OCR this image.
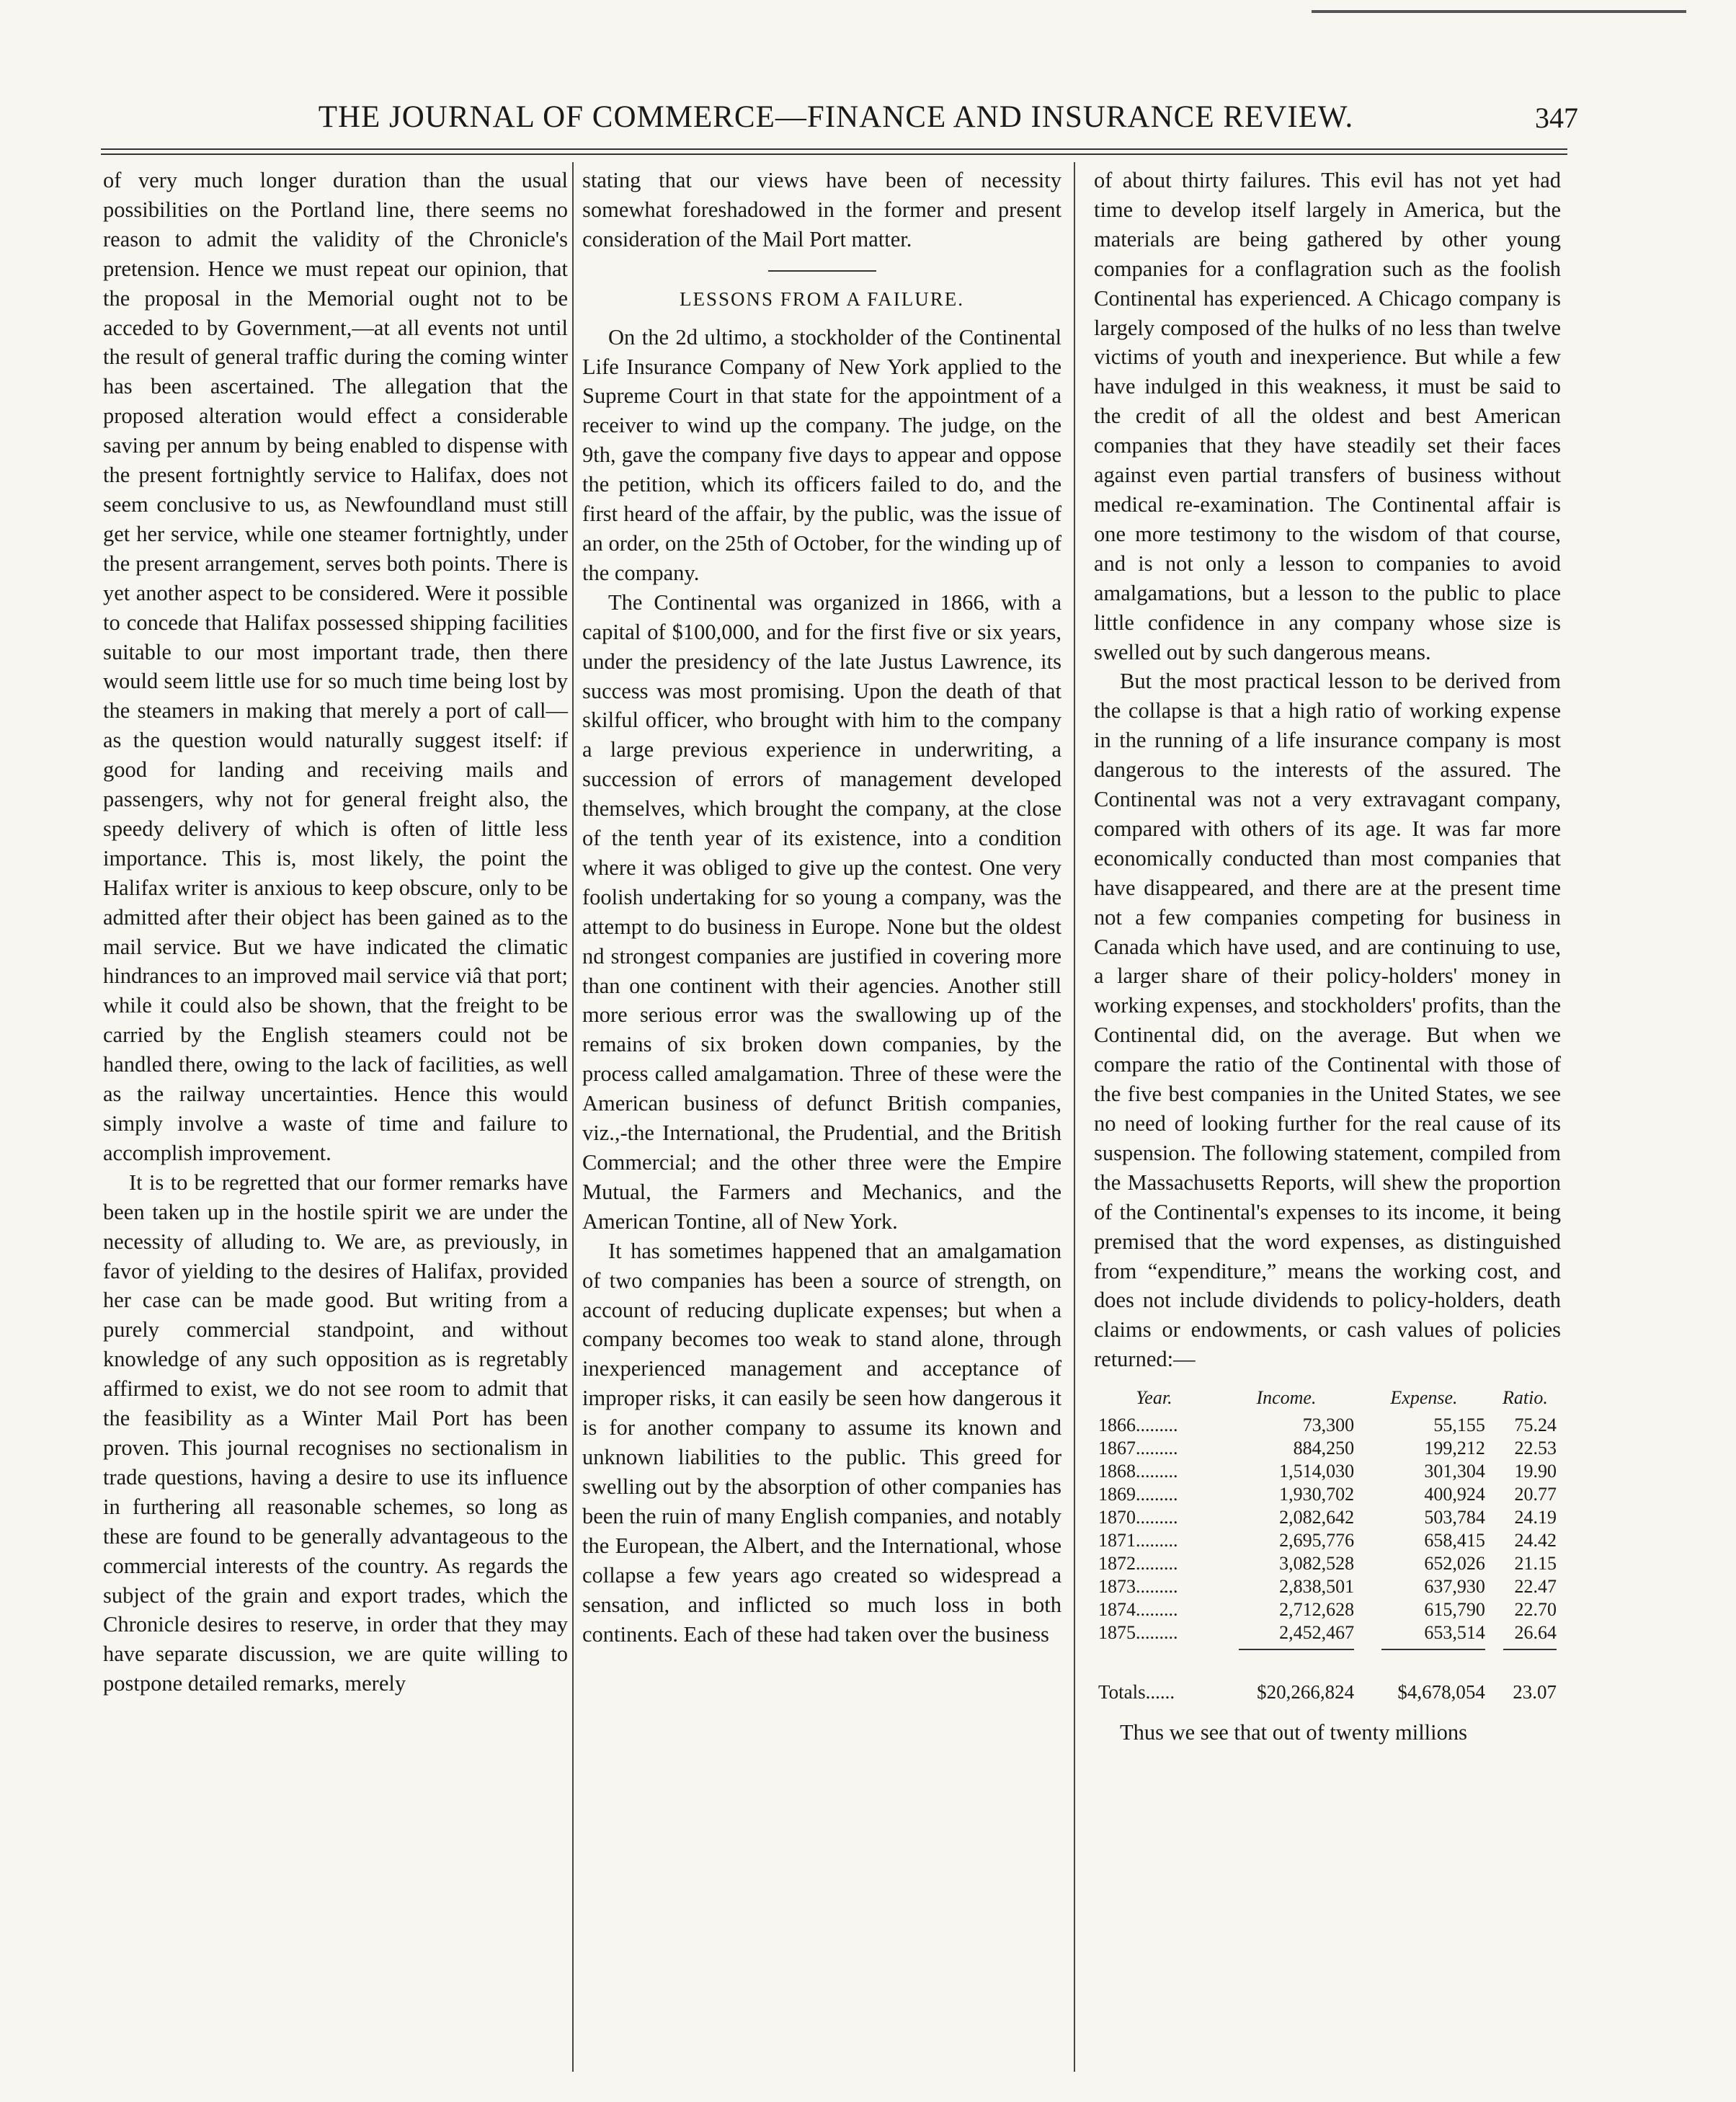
THE JOURNAL OF COMMERCE—FINANCE AND INSURANCE REVIEW.	347

of very much longer duration than the usual possibilities on the Portland line, there seems no reason to admit the validity of the Chronicle's pretension. Hence we must repeat our opinion, that the proposal in the Memorial ought not to be acceded to by Government,—at all events not until the result of general traffic during the coming winter has been ascertained. The allegation that the proposed alteration would effect a considerable saving per annum by being enabled to dispense with the present fortnightly service to Halifax, does not seem conclusive to us, as Newfoundland must still get her service, while one steamer fortnightly, under the present arrangement, serves both points. There is yet another aspect to be considered. Were it possible to concede that Halifax possessed shipping facilities suitable to our most important trade, then there would seem little use for so much time being lost by the steamers in making that merely a port of call—as the question would naturally suggest itself: if good for landing and receiving mails and passengers, why not for general freight also, the speedy delivery of which is often of little less importance. This is, most likely, the point the Halifax writer is anxious to keep obscure, only to be admitted after their object has been gained as to the mail service. But we have indicated the climatic hindrances to an improved mail service viâ that port; while it could also be shown, that the freight to be carried by the English steamers could not be handled there, owing to the lack of facilities, as well as the railway uncertainties. Hence this would simply involve a waste of time and failure to accomplish improvement.

It is to be regretted that our former remarks have been taken up in the hostile spirit we are under the necessity of alluding to. We are, as previously, in favor of yielding to the desires of Halifax, provided her case can be made good. But writing from a purely commercial standpoint, and without knowledge of any such opposition as is regretably affirmed to exist, we do not see room to admit that the feasibility as a Winter Mail Port has been proven. This journal recognises no sectionalism in trade questions, having a desire to use its influence in furthering all reasonable schemes, so long as these are found to be generally advantageous to the commercial interests of the country. As regards the subject of the grain and export trades, which the Chronicle desires to reserve, in order that they may have separate discussion, we are quite willing to postpone detailed remarks, merely

stating that our views have been of necessity somewhat foreshadowed in the former and present consideration of the Mail Port matter.

LESSONS FROM A FAILURE.

On the 2d ultimo, a stockholder of the Continental Life Insurance Company of New York applied to the Supreme Court in that state for the appointment of a receiver to wind up the company. The judge, on the 9th, gave the company five days to appear and oppose the petition, which its officers failed to do, and the first heard of the affair, by the public, was the issue of an order, on the 25th of October, for the winding up of the company.

The Continental was organized in 1866, with a capital of $100,000, and for the first five or six years, under the presidency of the late Justus Lawrence, its success was most promising. Upon the death of that skilful officer, who brought with him to the company a large previous experience in underwriting, a succession of errors of management developed themselves, which brought the company, at the close of the tenth year of its existence, into a condition where it was obliged to give up the contest. One very foolish undertaking for so young a company, was the attempt to do business in Europe. None but the oldest nd strongest companies are justified in covering more than one continent with their agencies. Another still more serious error was the swallowing up of the remains of six broken down companies, by the process called amalgamation. Three of these were the American business of defunct British companies, viz.,-the International, the Prudential, and the British Commercial; and the other three were the Empire Mutual, the Farmers and Mechanics, and the American Tontine, all of New York.

It has sometimes happened that an amalgamation of two companies has been a source of strength, on account of reducing duplicate expenses; but when a company becomes too weak to stand alone, through inexperienced management and acceptance of improper risks, it can easily be seen how dangerous it is for another company to assume its known and unknown liabilities to the public. This greed for swelling out by the absorption of other companies has been the ruin of many English companies, and notably the European, the Albert, and the International, whose collapse a few years ago created so widespread a sensation, and inflicted so much loss in both continents. Each of these had taken over the business

of about thirty failures. This evil has not yet had time to develop itself largely in America, but the materials are being gathered by other young companies for a conflagration such as the foolish Continental has experienced. A Chicago company is largely composed of the hulks of no less than twelve victims of youth and inexperience. But while a few have indulged in this weakness, it must be said to the credit of all the oldest and best American companies that they have steadily set their faces against even partial transfers of business without medical re-examination. The Continental affair is one more testimony to the wisdom of that course, and is not only a lesson to companies to avoid amalgamations, but a lesson to the public to place little confidence in any company whose size is swelled out by such dangerous means.

But the most practical lesson to be derived from the collapse is that a high ratio of working expense in the running of a life insurance company is most dangerous to the interests of the assured. The Continental was not a very extravagant company, compared with others of its age. It was far more economically conducted than most companies that have disappeared, and there are at the present time not a few companies competing for business in Canada which have used, and are continuing to use, a larger share of their policy-holders' money in working expenses, and stockholders' profits, than the Continental did, on the average. But when we compare the ratio of the Continental with those of the five best companies in the United States, we see no need of looking further for the real cause of its suspension. The following statement, compiled from the Massachusetts Reports, will shew the proportion of the Continental's expenses to its income, it being premised that the word expenses, as distinguished from “expenditure,” means the working cost, and does not include dividends to policy-holders, death claims or endowments, or cash values of policies returned:—

Year.	Income.	Expense.	Ratio.
1866.........	73,300	55,155	75.24
1867.........	884,250	199,212	22.53
1868.........	1,514,030	301,304	19.90
1869.........	1,930,702	400,924	20.77
1870.........	2,082,642	503,784	24.19
1871.........	2,695,776	658,415	24.42
1872.........	3,082,528	652,026	21.15
1873.........	2,838,501	637,930	22.47
1874.........	2,712,628	615,790	22.70
1875.........	2,452,467	653,514	26.64

Totals......	$20,266,824	$4,678,054	23.07

Thus we see that out of twenty millions
